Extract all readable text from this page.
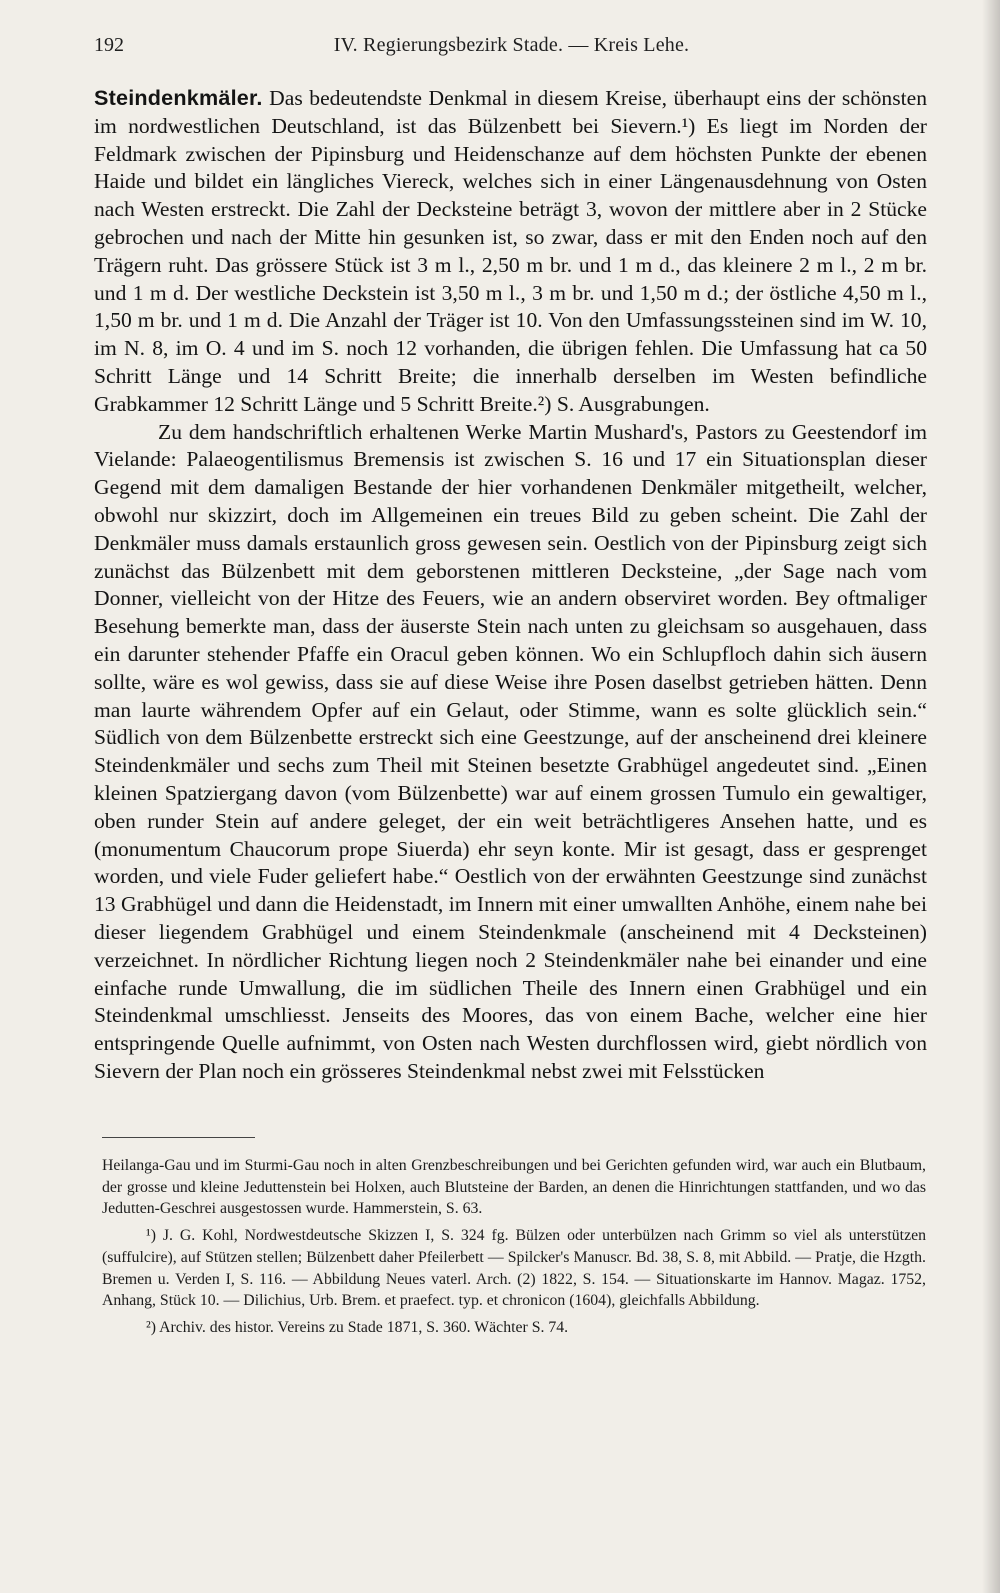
192	IV. Regierungsbezirk Stade. — Kreis Lehe.

Steindenkmäler. Das bedeutendste Denkmal in diesem Kreise, überhaupt eins der schönsten im nordwestlichen Deutschland, ist das Bülzenbett bei Sievern.¹) Es liegt im Norden der Feldmark zwischen der Pipinsburg und Heidenschanze auf dem höchsten Punkte der ebenen Haide und bildet ein längliches Viereck, welches sich in einer Längenausdehnung von Osten nach Westen erstreckt. Die Zahl der Decksteine beträgt 3, wovon der mittlere aber in 2 Stücke gebrochen und nach der Mitte hin gesunken ist, so zwar, dass er mit den Enden noch auf den Trägern ruht. Das grössere Stück ist 3 m l., 2,50 m br. und 1 m d., das kleinere 2 m l., 2 m br. und 1 m d. Der westliche Deckstein ist 3,50 m l., 3 m br. und 1,50 m d.; der östliche 4,50 m l., 1,50 m br. und 1 m d. Die Anzahl der Träger ist 10. Von den Umfassungssteinen sind im W. 10, im N. 8, im O. 4 und im S. noch 12 vorhanden, die übrigen fehlen. Die Umfassung hat ca 50 Schritt Länge und 14 Schritt Breite; die innerhalb derselben im Westen befindliche Grabkammer 12 Schritt Länge und 5 Schritt Breite.²) S. Ausgrabungen.

Zu dem handschriftlich erhaltenen Werke Martin Mushard's, Pastors zu Geestendorf im Vielande: Palaeogentilismus Bremensis ist zwischen S. 16 und 17 ein Situationsplan dieser Gegend mit dem damaligen Bestande der hier vorhandenen Denkmäler mitgetheilt, welcher, obwohl nur skizzirt, doch im Allgemeinen ein treues Bild zu geben scheint. Die Zahl der Denkmäler muss damals erstaunlich gross gewesen sein. Oestlich von der Pipinsburg zeigt sich zunächst das Bülzenbett mit dem geborstenen mittleren Decksteine, „der Sage nach vom Donner, vielleicht von der Hitze des Feuers, wie an andern observiret worden. Bey oftmaliger Besehung bemerkte man, dass der äuserste Stein nach unten zu gleichsam so ausgehauen, dass ein darunter stehender Pfaffe ein Oracul geben können. Wo ein Schlupfloch dahin sich äusern sollte, wäre es wol gewiss, dass sie auf diese Weise ihre Posen daselbst getrieben hätten. Denn man laurte währendem Opfer auf ein Gelaut, oder Stimme, wann es solte glücklich sein.“ Südlich von dem Bülzenbette erstreckt sich eine Geestzunge, auf der anscheinend drei kleinere Steindenkmäler und sechs zum Theil mit Steinen besetzte Grabhügel angedeutet sind. „Einen kleinen Spatziergang davon (vom Bülzenbette) war auf einem grossen Tumulo ein gewaltiger, oben runder Stein auf andere geleget, der ein weit beträchtligeres Ansehen hatte, und es (monumentum Chaucorum prope Siuerda) ehr seyn konte. Mir ist gesagt, dass er gesprenget worden, und viele Fuder geliefert habe.“ Oestlich von der erwähnten Geestzunge sind zunächst 13 Grabhügel und dann die Heidenstadt, im Innern mit einer umwallten Anhöhe, einem nahe bei dieser liegendem Grabhügel und einem Steindenkmale (anscheinend mit 4 Decksteinen) verzeichnet. In nördlicher Richtung liegen noch 2 Steindenkmäler nahe bei einander und eine einfache runde Umwallung, die im südlichen Theile des Innern einen Grabhügel und ein Steindenkmal umschliesst. Jenseits des Moores, das von einem Bache, welcher eine hier entspringende Quelle aufnimmt, von Osten nach Westen durchflossen wird, giebt nördlich von Sievern der Plan noch ein grösseres Steindenkmal nebst zwei mit Felsstücken

Heilanga-Gau und im Sturmi-Gau noch in alten Grenzbeschreibungen und bei Gerichten gefunden wird, war auch ein Blutbaum, der grosse und kleine Jeduttenstein bei Holxen, auch Blutsteine der Barden, an denen die Hinrichtungen stattfanden, und wo das Jedutten-Geschrei ausgestossen wurde. Hammerstein, S. 63.

¹) J. G. Kohl, Nordwestdeutsche Skizzen I, S. 324 fg. Bülzen oder unterbülzen nach Grimm so viel als unterstützen (suffulcire), auf Stützen stellen; Bülzenbett daher Pfeilerbett — Spilcker's Manuscr. Bd. 38, S. 8, mit Abbild. — Pratje, die Hzgth. Bremen u. Verden I, S. 116. — Abbildung Neues vaterl. Arch. (2) 1822, S. 154. — Situationskarte im Hannov. Magaz. 1752, Anhang, Stück 10. — Dilichius, Urb. Brem. et praefect. typ. et chronicon (1604), gleichfalls Abbildung.

²) Archiv. des histor. Vereins zu Stade 1871, S. 360. Wächter S. 74.
